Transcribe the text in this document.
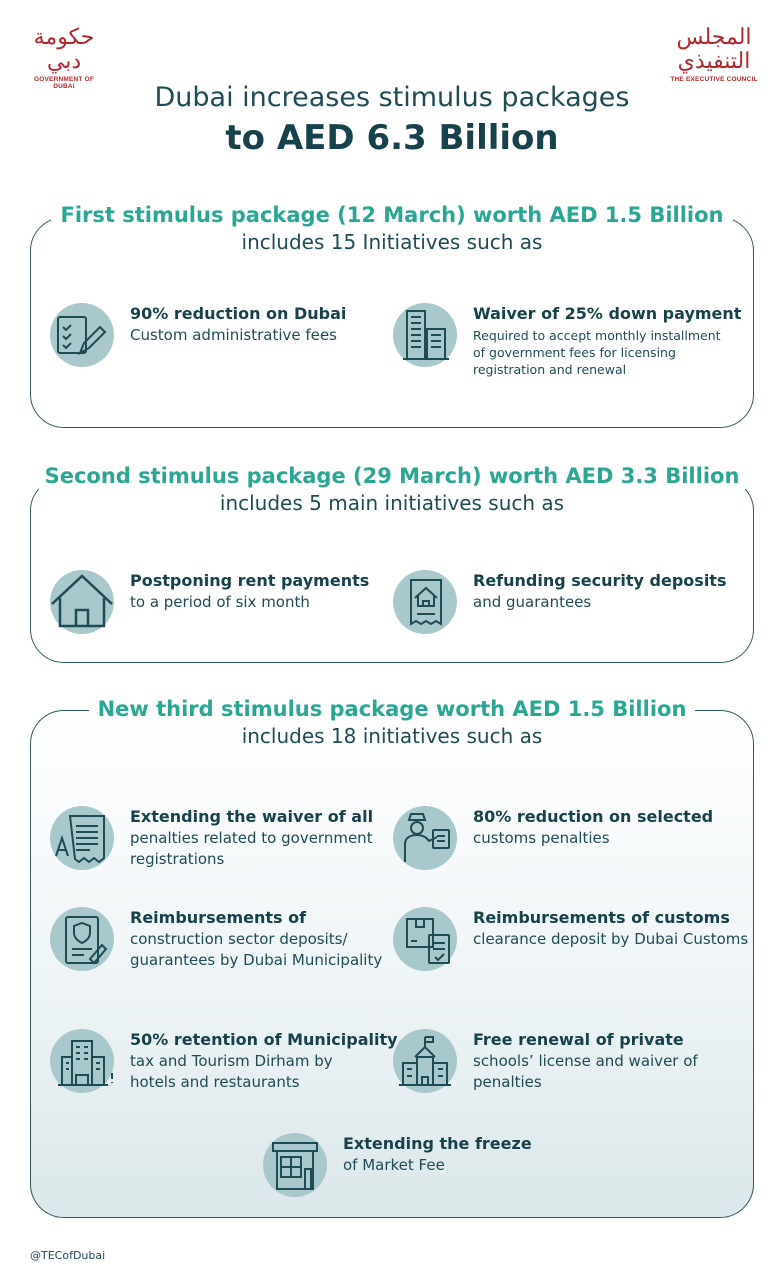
حكومة دبي
GOVERNMENT OF DUBAI
المجلس التنفيذي
THE EXECUTIVE COUNCIL
Dubai increases stimulus packages
to AED 6.3 Billion
First stimulus package (12 March) worth AED 1.5 Billion
includes 15 Initiatives such as
Second stimulus package (29 March) worth AED 3.3 Billion
includes 5 main initiatives such as
New third stimulus package worth AED 1.5 Billion
includes 18 initiatives such as
90% reduction on Dubai
Custom administrative fees
Waiver of 25% down payment
Required to accept monthly installment
of government fees for licensing
registration and renewal
Postponing rent payments
to a period of six month
Refunding security deposits
and guarantees
Extending the waiver of all
penalties related to government
registrations
80% reduction on selected
customs penalties
Reimbursements of
construction sector deposits/
guarantees by Dubai Municipality
Reimbursements of customs
clearance deposit by Dubai Customs
50% retention of Municipality
tax and Tourism Dirham by
hotels and restaurants
Free renewal of private
schools’ license and waiver of
penalties
Extending the freeze
of Market Fee
@TECofDubai
